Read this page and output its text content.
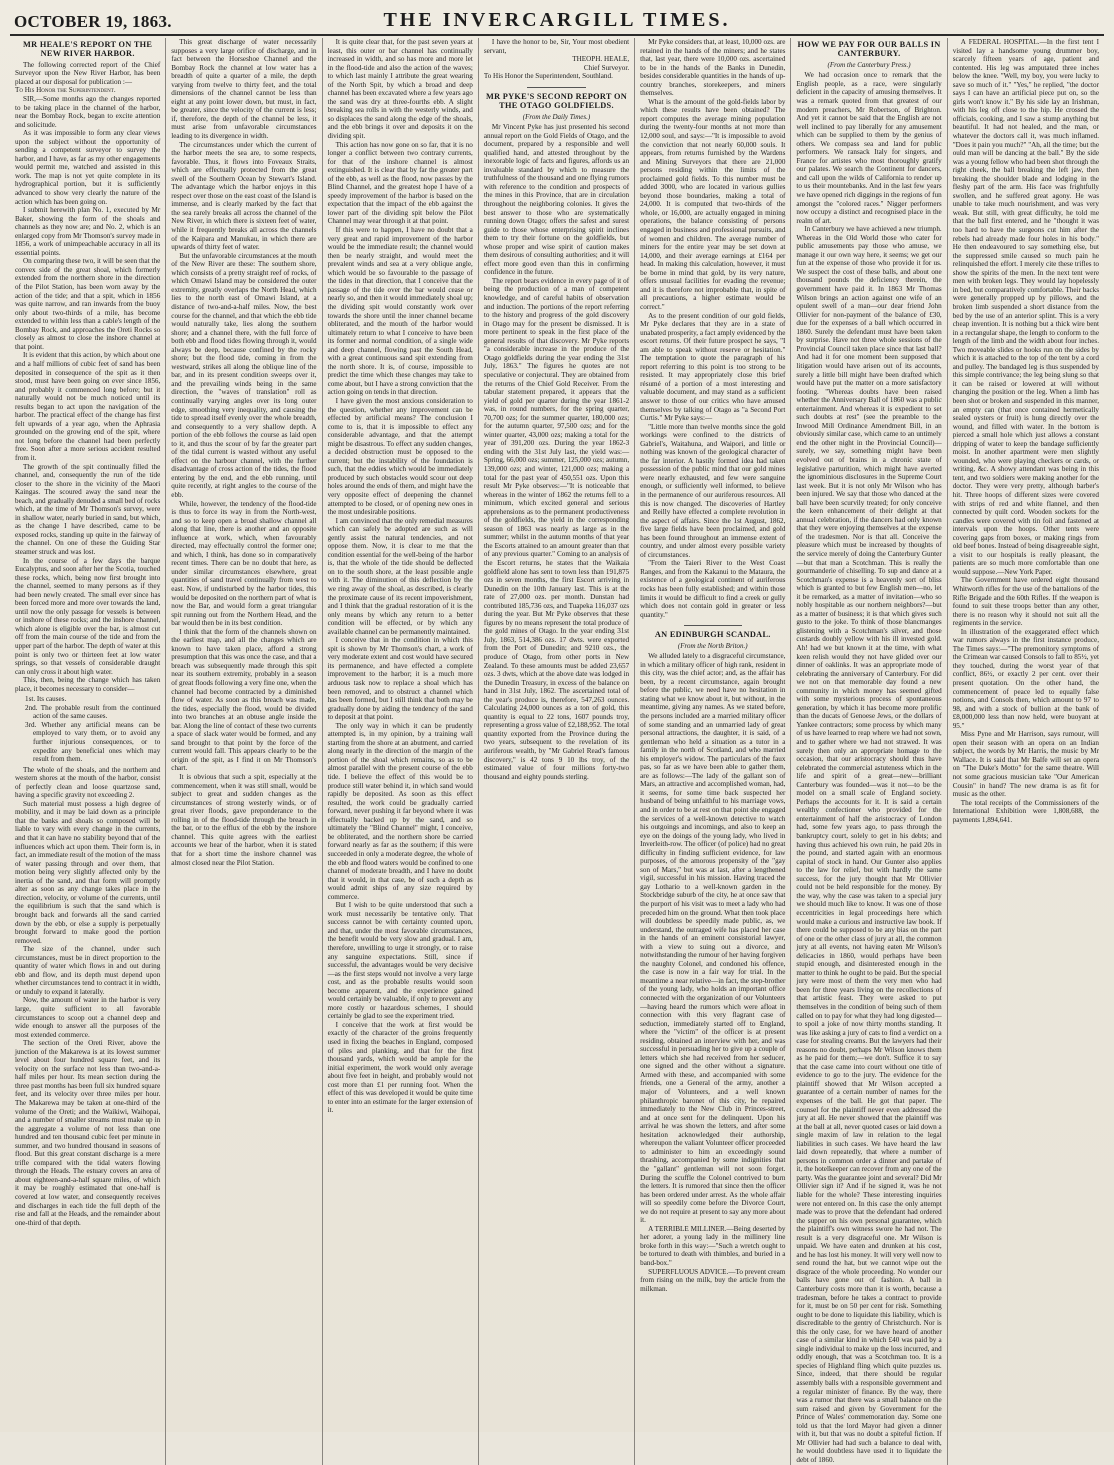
OCTOBER 19, 1863.	THE INVERCARGILL TIMES.
MR HEALE'S REPORT ON THE NEW RIVER HARBOR.

The following corrected report of the Chief Surveyor upon the New River Harbor, has been placed at our disposal for publication :—

To His Honor the Superintendent.

SIR,—Some months ago the changes reported to be taking place in the channel of the harbor, near the Bombay Rock, began to excite attention and solicitude.

As it was impossible to form any clear views upon the subject without the opportunity of sending a competent surveyor to survey the harbor, and I have, as far as my other engagements would permit me, watched and assisted in this work. The map is not yet quite complete in its hydrographical portion, but it is sufficiently advanced to show very clearly the nature of the action which has been going on.

I submit herewith plan No. 1, executed by Mr Baker, showing the form of the shoals and channels as they now are; and No. 2, which is an enlarged copy from Mr Thomson's survey made in 1856, a work of unimpeachable accuracy in all its essential points.

On comparing these two, it will be seen that the convex side of the great shoal, which formerly extended from the northern shore in the direction of the Pilot Station, has been worn away by the action of the tide; and that a spit, which in 1856 was quite narrow, and ran inwards from the buoy only about two-thirds of a mile, has become extended to within less than a cable's length of the Bombay Rock, and approaches the Oreti Rocks so closely as almost to close the inshore channel at that point.

It is evident that this action, by which about one and a half millions of cubic feet of sand has been deposited in consequence of the spit as it then stood, must have been going on ever since 1856, and probably it commenced long before; but it naturally would not be much noticed until its results began to act upon the navigation of the harbor. The practical effect of the change has first felt upwards of a year ago, when the Aphrasia grounded on the growing end of the spit, where not long before the channel had been perfectly free. Soon after a more serious accident resulted from it.

The growth of the spit continually filled the channel, and, consequently the run of the tide closer to the shore in the vicinity of the Maori Kaingas. The scoured away the sand near the beach, and gradually denuded a small bed of rocks which, at the time of Mr Thomson's survey, were in shallow water, nearly buried in sand, but which, as the change I have described, came to be exposed rocks, standing up quite in the fairway of the channel. On one of these the Guiding Star steamer struck and was lost.

In the course of a few days the barque Eucalyptus, and soon after her the Scotia, touched these rocks, which, being now first brought into the channel, seemed to many persons as if they had been newly created. The small ever since has been forced more and more over towards the land, until now the only passage for vessels is between or inshore of these rocks; and the inshore channel, which alone is eligible over the bar, is almost cut off from the main course of the tide and from the upper part of the harbor. The depth of water at this point is only two or thirteen feet at low water springs, so that vessels of considerable draught can only cross it about high water.

This, then, being the change which has taken place, it becomes necessary to consider—

1st. Its causes.
2nd. The probable result from the continued action of the same causes.
3rd. Whether any artificial means can be employed to vary them, or to avoid any further injurious consequences, or to expedite any beneficial ones which may result from them.

The whole of the shoals, and the northern and western shores at the mouth of the harbor, consist of perfectly clean and loose quartzose sand, having a specific gravity not exceeding 2.

Such material must possess a high degree of mobility, and it may be laid down as a principle that the banks and shoals so composed will be liable to vary with every change in the currents, and that it can have no stability beyond that of the influences which act upon them. Their form is, in fact, an immediate result of the motion of the mass of water passing through and over them, that motion being very slightly affected only by the inertia of the sand, and that form will promptly alter as soon as any change takes place in the direction, velocity, or volume of the currents, until the equilibrium is such that the sand which is brought back and forwards all the sand carried down by the ebb, or else a supply is perpetually brought forward to make good the portion removed.

The size of the channel, under such circumstances, must be in direct proportion to the quantity of water which flows in and out during ebb and flow, and its depth must depend upon whether circumstances tend to contract it in width, or unduly to expand it laterally.

Now, the amount of water in the harbor is very large, quite sufficient to all favorable circumstances to scoop out a channel deep and wide enough to answer all the purposes of the most extended commerce.

The section of the Oreti River, above the junction of the Makarewa is at its lowest summer level about four hundred square feet, and its velocity on the surface not less than two-and-a-half miles per hour. Its mean section during the three past months has been full six hundred square feet, and its velocity over three miles per hour. The Makarewa may be taken at one-third of the volume of the Oreti; and the Waikiwi, Waihopai, and a number of smaller streams must make up in the aggregate a volume of not less than one hundred and ten thousand cubic feet per minute in summer, and two hundred thousand in seasons of flood. But this great constant discharge is a mere trifle compared with the tidal waters flowing through the Heads. The estuary covers an area of about eighteen-and-a-half square miles, of which it may be roughly estimated that one-half is covered at low water, and consequently receives and discharges in each tide the full depth of the rise and fall at the Heads, and the remainder about one-third of that depth.

This great discharge of water necessarily supposes a very large orifice of discharge, and in fact between the Horseshoe Channel and the Bombay Rock the channel at low water has a breadth of quite a quarter of a mile, the depth varying from twelve to thirty feet, and the total dimensions of the channel cannot be less than eight at any point lower down, but must, in fact, be greater, since the velocity of the current is less; if, therefore, the depth of the channel be less, it must arise from unfavorable circumstances leading to its divergence in width.

The circumstances under which the current of the harbor meets the sea are, to some respects, favorable. Thus, it flows into Foveaux Straits, which are effectually protected from the great swell of the Southern Ocean by Stewart's Island. The advantage which the harbor enjoys in this respect over those on the east coast of the Island is immense, and is clearly marked by the fact that the sea rarely breaks all across the channel of the New River, in which there is sixteen feet of water, while it frequently breaks all across the channels of the Kaipara and Manukau, in which there are upwards of thirty feet of water.

But the unfavorable circumstances at the mouth of the New River are these: The southern shore, which consists of a pretty straight reef of rocks, of which Omawi Island may be considered the outer extremity, greatly overlaps the North Head, which lies to the north east of Omawi Island, at a distance of two-and-a-half miles. Now, the best course for the channel, and that which the ebb tide would naturally take, lies along the southern shore; and a channel there, with the full force of both ebb and flood tides flowing through it, would always be deep, because confined by the rocky shore; but the flood tide, coming in from the westward, strikes all along the oblique line of the bar, and in its present condition sweeps over it, and the prevailing winds being in the same direction, the "waves of translation" roll as continually varying angles over its long outer edge, smoothing very inequality, and causing the tide to spread itself evenly over the whole breadth, and consequently to a very shallow depth. A portion of the ebb follows the course as laid open to it, and thus the scour of by far the greater part of the tidal current is wasted without any useful effect on the harbour channel, with the further disadvantage of cross action of the tides, the flood entering by the end, and the ebb running, until quite recently, at right angles to the course of the ebb.

While, however, the tendency of the flood-tide is thus to force its way in from the North-west, and so to keep open a broad shallow channel all along that line, there is another and an opposite influence at work, which, when favourably directed, may effectually control the former one; and which, I think, has done so in comparatively recent times. There can be no doubt that here, as under similar circumstances elsewhere, great quantities of sand travel continually from west to east. Now, if undisturbed by the harbor tides, this would be deposited on the northern part of what is now the Bar, and would form a great triangular spit running out from the Northern Head, and the bar would then be in its best condition.

I think that the form of the channels shown on the earliest map, and all the changes which are known to have taken place, afford a strong presumption that this was once the case, and that a breach was subsequently made through this spit near its southern extremity, probably in a season of great floods following a very fine one, when the channel had become contracted by a diminished flow of water. As soon as this breach was made, the tides, especially the flood, would be divided into two branches at an obtuse angle inside the bar. Along the line of contact of these two currents a space of slack water would be formed, and any sand brought to that point by the force of the current would fall. This appears clearly to be the origin of the spit, as I find it on Mr Thomson's chart.

It is obvious that such a spit, especially at the commencement, when it was still small, would be subject to great and sudden changes as the circumstances of strong westerly winds, or of great river floods, gave preponderance to the rolling in of the flood-tide through the breach in the bar, or to the efflux of the ebb by the inshore channel. This quite agrees with the earliest accounts we hear of the harbor, when it is stated that for a short time the inshore channel was almost closed near the Pilot Station.

It is quite clear that, for the past seven years at least, this outer or bar channel has continually increased in width, and so has more and more let in the flood-tide and also the action of the waves; to which last mainly I attribute the great wearing of the North Spit, by which a broad and deep channel has been excavated where a few years ago the sand was dry at three-fourths ebb. A slight breaking sea rolls in with the westerly winds, and so displaces the sand along the edge of the shoals, and the ebb brings it over and deposits it on the dividing spit.

This action has now gone on so far, that it is no longer a conflict between two contrary currents, for that of the inshore channel is almost extinguished. It is clear that by far the greater part of the ebb, as well as the flood, now passes by the Blind Channel, and the greatest hope I have of a speedy improvement of the harbor is based on the expectation that the impact of the ebb against the lower part of the dividing spit below the Pilot Channel may wear through it at that point.

If this were to happen, I have no doubt that a very great and rapid improvement of the harbor would be the immediate result; the channel would then be nearly straight, and would meet the prevalent winds and sea at a very oblique angle, which would be so favourable to the passage of the tides in that direction, that I conceive that the passage of the tide over the bar would cease or nearly so, and then it would immediately shoal up; the dividing spit would constantly work over towards the shore until the inner channel became obliterated, and the mouth of the harbor would ultimately return to what I conceive to have been its former and normal condition, of a single wide and deep channel, flowing past the South Head, with a great continuous sand spit extending from the north shore. It is, of course, impossible to predict the time which these changes may take to come about, but I have a strong conviction that the action going on tends in that direction.

I have given the most anxious consideration to the question, whether any improvement can be effected by artificial means? The conclusion I come to is, that it is impossible to effect any considerable advantage, and that the attempt might be disastrous. To effect any sudden changes, a decided obstruction must be opposed to the current; but the instability of the foundation is such, that the eddies which would be immediately produced by such obstacles would scour out deep holes around the ends of them, and might have the very opposite effect of deepening the channel attempted to be closed, or of opening new ones in the most undesirable positions.

I am convinced that the only remedial measures which can safely be adopted are such as will gently assist the natural tendencies, and not oppose them. Now, it is clear to me that the condition essential for the well-being of the harbor is, that the whole of the tide should be deflected on to the south shore, at the least possible angle with it. The diminution of this deflection by the we ring away of the shoal, as described, is clearly the proximate cause of its recent impoverishment, and I think that the gradual restoration of it is the only means by which any return to a better condition will be effected, or by which any available channel can be permanently maintained.

I conceive that in the condition in which this spit is shown by Mr Thomson's chart, a work of very moderate extent and cost would have secured its permanence, and have effected a complete improvement to the harbor; it is a much more arduous task now to replace a shoal which has been removed, and to obstruct a channel which has been formed, but I still think that both may be gradually done by aiding the tendency of the sand to deposit at that point.

The only way in which it can be prudently attempted is, in my opinion, by a training wall starting from the shore at an abutment, and carried along nearly in the direction of the margin of the portion of the shoal which remains, so as to be almost parallel with the present course of the ebb tide. I believe the effect of this would be to produce still water behind it, in which sand would rapidly be deposited. As soon as this effect resulted, the work could be gradually carried forward, never pushing it far beyond where it was effectually backed up by the sand, and so ultimately the "Blind Channel" might, I conceive, be obliterated, and the northern shore be carried forward nearly as far as the southern; if this were succeeded in only a moderate degree, the whole of the ebb and flood waters would be confined to one channel of moderate breadth, and I have no doubt that it would, in that case, be of such a depth as would admit ships of any size required by commerce.

But I wish to be quite understood that such a work must necessarily be tentative only. That success cannot be with certainty counted upon, and that, under the most favorable circumstances, the benefit would be very slow and gradual. I am, therefore, unwilling to urge it strongly, or to raise any sanguine expectations. Still, since if successful, the advantages would be very decisive—as the first steps would not involve a very large cost, and as the probable results would soon become apparent, and the experience gained would certainly be valuable, if only to prevent any more costly or hazardous schemes, I should certainly be glad to see the experiment tried.

I conceive that the work at first would be exactly of the character of the groins frequently used in fixing the beaches in England, composed of piles and planking, and that for the first thousand yards, which would be ample for the initial experiment, the work would only average about five feet in height, and probably would not cost more than £1 per running foot. When the effect of this was developed it would be quite time to enter into an estimate for the larger extension of it.

I have the honor to be, Sir, Your most obedient servant,

THEOPH. HEALE,

Chief Surveyor.

To His Honor the Superintendent, Southland.

MR PYKE'S SECOND REPORT ON THE OTAGO GOLDFIELDS.
(From the Daily Times.)

Mr Vincent Pyke has just presented his second annual report on the Gold Fields of Otago, and the document, prepared by a responsible and well qualified hand, and attested throughout by the inexorable logic of facts and figures, affords us an invaluable standard by which to measure the truthfulness of the thousand and one flying rumors with reference to the condition and prospects of the mines in this Province, that are in circulation throughout the neighboring colonies. It gives the best answer to those who are systematically running down Otago; offers the safest and surest guide to those whose enterprising spirit inclines them to try their fortune on the goldfields, but whose proper and wise spirit of caution makes them desirous of consulting authorities; and it will effect more good even than this in confirming confidence in the future.

The report bears evidence in every page of it of being the production of a man of competent knowledge, and of careful habits of observation and induction. The portions of the report referring to the history and progress of the gold discovery in Otago may for the present be dismissed. It is more pertinent to speak in the first place of the general results of that discovery. Mr Pyke reports "a considerable increase in the produce of the Otago goldfields during the year ending the 31st July, 1863." The figures he quotes are not speculative or conjectural. They are obtained from the returns of the Chief Gold Receiver. From the tabular statement prepared, it appears that the yield of gold per quarter during the year 1861-2 was, in round numbers, for the spring quarter, 70,700 ozs; for the summer quarter, 180,000 ozs; for the autumn quarter, 97,500 ozs; and for the winter quarter, 43,000 ozs; making a total for the year of 391,200 ozs. During the year 1862-3 ending with the 31st July last, the yield was:—Spring, 66,000 ozs; summer, 125,000 ozs; autumn, 139,000 ozs; and winter, 121,000 ozs; making a total for the past year of 450,551 ozs. Upon this result Mr Pyke observes:—"It is noticeable that whereas in the winter of 1862 the returns fell to a minimum, which excited general and serious apprehensions as to the permanent productiveness of the goldfields, the yield in the corresponding season of 1863 was nearly as large as in the summer; whilst in the autumn months of that year the Escorts attained to an amount greater than that of any previous quarter." Coming to an analysis of the Escort returns, he states that the Waikaia goldfield alone has sent to town less than 191,875 ozs in seven months, the first Escort arriving in Dunedin on the 10th January last. This is at the rate of 27,000 ozs. per month. Dunstan had contributed 185,736 ozs, and Tuapeka 116,037 ozs during the year. But Mr Pyke observes that these figures by no means represent the total produce of the gold mines of Otago. In the year ending 31st July, 1863, 514,386 ozs. 17 dwts. were exported from the Port of Dunedin; and 9210 ozs., the produce of Otago, from other ports in New Zealand. To these amounts must be added 23,657 ozs. 3 dwts, which at the above date was lodged in the Dunedin Treasury, in excess of the balance on hand in 31st July, 1862. The ascertained total of the year's produce is, therefore, 547,263 ounces. Calculating 24,000 ounces as a ton of gold, this quantity is equal to 22 tons, 1607 pounds troy, representing a gross value of £2,188,952. The total quantity exported from the Province during the two years, subsequent to the revelation of its auriferous wealth, by "Mr Gabriel Read's famous discovery," is 42 tons 9 10 lbs troy, of the estimated value of four millions forty-two thousand and eighty pounds sterling.

Mr Pyke considers that, at least, 10,000 ozs. are retained in the hands of the miners; and he states that, last year, there were 10,000 ozs. ascertained to be in the hands of the Banks in Dunedin, besides considerable quantities in the hands of up-country branches, storekeepers, and miners themselves.

What is the amount of the gold-fields labor by which these results have been obtained? The report computes the average mining population during the twenty-four months at not more than 12,000 soul, and says:—"It is impossible to avoid the conviction that not nearly 60,000 souls. It appears, from returns furnished by the Wardens and Mining Surveyors that there are 21,000 persons residing within the limits of the proclaimed gold fields. To this number must be added 3000, who are located in various gullies beyond those boundaries, making a total of 24,000. It is computed that two-thirds of the whole, or 16,000, are actually engaged in mining operations, the balance consisting of persons engaged in business and professional pursuits, and of women and children. The average number of miners for the entire year may be set down at 14,000, and their average earnings at £164 per head. In making this calculation, however, it must be borne in mind that gold, by its very nature, offers unusual facilities for evading the revenue; and it is therefore not improbable that, in spite of all precautions, a higher estimate would be correct."

As to the present condition of our gold fields, Mr Pyke declares that they are in a state of unabated prosperity, a fact amply evidenced by the escort returns. Of their future prospect he says, "I am able to speak without reserve or hesitation." The temptation to quote the paragraph of his report referring to this point is too strong to be resisted. It may appropriately close this brief résumé of a portion of a most interesting and valuable document, and may stand as a sufficient answer to those of our critics who have amused themselves by talking of Otago as "a Second Port Curtis." Mr Pyke says:—

"Little more than twelve months since the gold workings were confined to the districts of Gabriel's, Waitahuna, and Waipori, and little or nothing was known of the geological character of the far interior. A hastily formed idea had taken possession of the public mind that our gold mines were nearly exhausted, and few were sanguine enough, or sufficiently well informed, to believe in the permanence of our auriferous resources. All this is now changed. The discoveries of Hartley and Reilly have effected a complete revolution in the aspect of affairs. Since the 1st August, 1862, five large fields have been proclaimed, and gold has been found throughout an immense extent of country, and under almost every possible variety of circumstances.

"From the Taieri River to the West Coast Ranges, and from the Kakanui to the Mataura, the existence of a geological continent of auriferous rocks has been fully established; and within those limits it would be difficult to find a creek or gully which does not contain gold in greater or less quantity."

AN EDINBURGH SCANDAL.
(From the North Briton.)

We alluded lately to a disgraceful circumstance, in which a military officer of high rank, resident in this city, was the chief actor; and, as the affair has been, by a recent circumstance, again brought before the public, we need have no hesitation in stating what we know about it, but without, in the meantime, giving any names. As we stated before, the persons included are a married military officer of some standing and an unmarried lady of great personal attractions, the daughter, it is said, of a gentleman who held a situation as a tutor in a family in the north of Scotland, and who married his employer's widow. The particulars of the faux pas, so far as we have been able to gather them, are as follows:—The lady of the gallant son of Mars, an attractive and accomplished woman, had, it seems, for some time back suspected her husband of being unfaithful to his marriage vows, and in order to be at rest on that point she engaged the services of a well-known detective to watch his outgoings and incomings, and also to keep an eye on the doings of the young lady, who lived in Inverleith-row. The officer (of police) had no great difficulty in finding sufficient evidence, for law purposes, of the amorous propensity of the "gay son of Mars," but was at last, after a lengthened vigil, successful in his mission. Having traced the gay Lothario to a well-known garden in the Stockbridge suburb of the city, he at once saw that the purport of his visit was to meet a lady who had preceded him on the ground. What then took place will doubtless be speedily made public, as, we understand, the outraged wife has placed her case in the hands of an eminent consistorial lawyer, with a view to suing out a divorce, and notwithstanding the rumour of her having forgiven the naughty Colonel, and condoned his offence, the case is now in a fair way for trial. In the meantime a near relative—in fact, the step-brother of the young lady, who holds an important office connected with the organization of our Volunteers—having heard the rumors which were afloat in connection with this very flagrant case of seduction, immediately started off to England, where the "victim" of the officer is at present residing, obtained an interview with her, and was successful in persuading her to give up a couple of letters which she had received from her seducer, one signed and the other without a signature. Armed with these, and accompanied with some friends, one a General of the army, another a major of Volunteers, and a well known philanthropic baronet of this city, he repaired immediately to the New Club in Princes-street, and at once sent for the delinquent. Upon his arrival he was shown the letters, and after some hesitation acknowledged their authorship, whereupon the valiant Volunteer officer proceeded to administer to him an exceedingly sound thrashing, accompanied by some indignities that the "gallant" gentleman will not soon forget. During the scuffle the Colonel contrived to burn the letters. It is rumored that since then the officer has been ordered under arrest. As the whole affair will so speedily come before the Divorce Court, we do not require at present to say any more about it.

A TERRIBLE MILLINER.—Being deserted by her adorer, a young lady in the millinery line broke forth in this way:—"Such a wretch ought to be tortured to death with thimbles, and buried in a band-box."

SUPERFLUOUS ADVICE.—To prevent cream from rising on the milk, buy the article from the milkman.

HOW WE PAY FOR OUR BALLS IN CANTERBURY.
(From the Canterbury Press.)

We had occasion once to remark that the English people, as a race, were singularly deficient in the capacity of amusing themselves. It was a remark quoted from that greatest of our modern preachers, Mr Robertson, of Brighton. And yet it cannot be said that the English are not well inclined to pay liberally for any amusement which can be supplied to them by the genius of others. We compass sea and land for public performers. We ransack Italy for singers, and France for artistes who most thoroughly gratify our palates. We search the Continent for dancers, and call upon the wilds of California to render up to us their mountebanks. And in the last few years we have opened rich diggings in the regions of fun amongst the "colored races." Nigger performers now occupy a distinct and recognised place in the realm of art.

In Canterbury we have achieved a new triumph. Whereas in the Old World those who cater for public amusements pay those who amuse, we manage it our own way here, it seems; we get our fun at the expense of those who provide it for us. We suspect the cost of these balls, and about one thousand pounds the deficiency therein, the government have paid it. In 1863 Mr Thomas Wilson brings an action against one wife of an opulent swell of a man—our dear friend John Ollivier for non-payment of the balance of £30, due for the expenses of a ball which occurred in 1860. Surely the defendant must have been taken by surprise. Have not three whole sessions of the Provincial Council taken place since that last ball? And had it for one moment been supposed that litigation would have arisen out of its accounts, surely a little bill might have been drafted which would have put the matter on a more satisfactory footing. "Whereas doubts have been raised whether the Anniversary Ball of 1860 was a public entertainment. And whereas it is expedient to set such doubts at rest" (see the preamble to the Inwood Mill Ordinance Amendment Bill, in an obviously similar case, which came to an untimely end the other night in the Provincial Council)—surely, we say, something might have been evolved out of brains in a chronic state of legislative parturition, which might have averted the ignominious disclosures in the Supreme Court last week. But it is not only Mr Wilson who has been injured. We say that those who danced at the ball have been scurvily treated; for only conceive the keen enhancement of their delight at that annual celebration, if the dancers had only known that they were enjoying themselves at the expense of the tradesmen. Nor is that all. Conceive the pleasure which must be increased by thoughts of the service merely of doing the Canterbury Gunter—but that man a Scotchman. This is really the gourmanderie of chiselling. To sup and dance at a Scotchman's expense is a heavenly sort of bliss which is granted to but few English men—no, let it be remarked, as a matter of invitation—who so nobly hospitable as our northern neighbors?—but as a matter of business; it is that which gives such gusto to the joke. To think of those blancmanges glistening with a Scotchman's silver, and those custards doubly yellow with his ill invested gold. Ah! had we but known it at the time, with what keen relish would they not have glided over our dinner of oaklinks. It was an appropriate mode of celebrating the anniversary of Canterbury. For did we not on that memorable day found a new community in which money has seemed gifted with some mysterious process of spontaneous generation, by which it has become more prolific than the ducats of Genoese Jews, or the dollars of Yankee contractors; some process by which many of us have learned to reap where we had not sown, and to gather where we had not strawed. It was surely then only an appropriate homage to the occasion, that our aristocracy should thus have celebrated the commercial astuteness which in the life and spirit of a great—new—brilliant Canterbury was founded—was it not—to be the model on a small scale of England society. Perhaps the accounts for it. It is said a certain wealthy confectioner who provided for the entertainment of half the aristocracy of London had, some few years ago, to pass through the bankruptcy court, solely to get in his debts; and having thus achieved his own ruin, he paid 20s in the pound, and started again with an enormous capital of stock in hand. Our Gunter also applies to the law for relief, but with hardly the same success, for the jury thought that Mr Ollivier could not be held responsible for the money. By the way, why the case was taken to a special jury we should much like to know. It was one of those eccentricities in legal proceedings here which would make a curious and instructive law book. If there could be supposed to be any bias on the part of one or the other class of jury at all, the common jury at all events, not having eaten Mr Wilson's delicacies in 1860, would perhaps have been stupid enough, and disinterested enough in the matter to think he ought to be paid. But the special jury were most of them the very men who had been for three years living on the recollections of that artistic feast. They were asked to put themselves in the condition of being such of them called on to pay for what they had long digested—to spoil a joke of now thirty months standing. It was like asking a jury of cats to find a verdict on a case for stealing creams. But the lawyers had their reasons no doubt, perhaps Mr Wilson knows them as he paid for them;—we don't. Suffice it to say that the case came into court without one title of evidence to go to the jury. The evidence for the plaintiff showed that Mr Wilson accepted a guarantee of a certain number of names for the expenses of the ball. He got that paper. The counsel for the plaintiff never even addressed the jury at all. He never showed that the plaintiff was at the ball at all, never quoted cases or laid down a single maxim of law in relation to the legal liabilities in such cases. We have heard the law laid down repeatedly, that where a number of persons in common order a dinner and partake of it, the hotelkeeper can recover from any one of the party. Was the guarantee joint and several? Did Mr Ollivier sign it? And if he signed it, was he not liable for the whole? These interesting inquiries were not entered on. In this case the only attempt made was to prove that the defendant had ordered the supper on his own personal guarantee, which the plaintiff's own witness swore he had not. The result is a very disgraceful one. Mr Wilson is unpaid. We have eaten and drunken at his cost, and he has lost his money. It will very well now to send round the hat, but we cannot wipe out the disgrace of the whole proceeding. No wonder our balls have gone out of fashion. A ball in Canterbury costs more than it is worth, because a tradesman, before he takes a contract to provide for it, must be on 50 per cent for risk. Something ought to be done to liquidate this liability, which is discreditable to the gentry of Christchurch. Nor is this the only case, for we have heard of another case of a similar kind in which £40 was paid by a single individual to make up the loss incurred, and oddly enough, that was a Scotchman too. It is a species of Highland fling which quite puzzles us. Since, indeed, that there should be regular assembly balls with a responsible government and a regular minister of finance. By the way, there was a rumor that there was a small balance on the sum raised and given by Government for the Prince of Wales' commemoration day. Some one told us that the lord Mayor had given a dinner with it, but that was no doubt a spiteful fiction. If Mr Ollivier had had such a balance to deal with, he would doubtless have used it to liquidate the debt of 1860.

A FEDERAL HOSPITAL.—In the first tent I visited lay a handsome young drummer boy, scarcely fifteen years of age, patient and contented. His leg was amputated three inches below the knee. "Well, my boy, you were lucky to save so much of it." "Yes," he replied, "the doctor says I can have an artificial piece put on, so the girls won't know it." By his side lay an Irishman, with his leg off close to the hip. He crossed the officials, cooking, and I saw a stump anything but beautiful. It had not healed, and the man, or whatever the doctors call it, was much inflamed. "Does it pain you much?" "Ah, all the time; but the ould man will be dancing at the ball." By the side was a young fellow who had been shot through the right cheek, the ball breaking the left jaw, then breaking the shoulder blade and lodging in the fleshy part of the arm. His face was frightfully swollen, and he suffered great agony. He was unable to take much nourishment, and was very weak. But still, with great difficulty, he told me that the ball first entered, and he "thought it was too hard to have the surgeons cut him after the rebels had already made four holes in his body." He then endeavoured to say something else, but the suppressed smile caused so much pain he relinquished the effort. I merely cite these trifles to show the spirits of the men. In the next tent were men with broken legs. They would lay hopelessly in bed, but comparatively comfortable. Their backs were generally propped up by pillows, and the broken limb suspended a short distance from the bed by the use of an anterior splint. This is a very cheap invention. It is nothing but a thick wire bent in a rectangular shape, the length to conform to the length of the limb and the width about four inches. Two moveable slides or hooks run on the sides by which it is attached to the top of the tent by a cord and pulley. The bandaged leg is thus suspended by this simple contrivance; the leg being slung so that it can be raised or lowered at will without changing the position or the leg. When a limb has been shot or broken and suspended in this manner, an empty can (that once contained hermetically sealed oysters or fruit) is hung directly over the wound, and filled with water. In the bottom is pierced a small hole which just allows a constant dripping of water to keep the bandage sufficiently moist. In another apartment were men slightly wounded, who were playing checkers or cards, or writing, &c. A showy attendant was being in this tent, and two soldiers were making another for the doctor. They were very pretty, although barber's hit. Three hoops of different sizes were covered with strips of red and white flannel, and then connected by quilt cord. Wooden sockets for the candles were covered with tin foil and fastened at intervals upon the hoops. Other tents were covering gaps from boxes, or making rings from old beef bones. Instead of being disagreeable sight, a visit to our hospitals is really pleasant, the patients are so much more comfortable than one would suppose.—New York Paper.

The Government have ordered eight thousand Whitworth rifles for the use of the battalions of the Rifle Brigade and the 60th Rifles. If the weapon is found to suit these troops better than any other, there is no reason why it should not suit all the regiments in the service.

In illustration of the exaggerated effect which war rumors always in the first instance produce, The Times says:—"The premonitory symptoms of the Crimean war caused Consols to fall to 85½, yet they touched, during the worst year of that conflict, 86½, or exactly 2 per cent. over their present quotation. On the other hand, the commencement of peace led to equally false notions, and Consols then, which amount to 97 to 98, and with a stock of bullion at the bank of £8,000,000 less than now held, were buoyant at 95."

Miss Pyne and Mr Harrison, says rumour, will open their season with an opera on an Indian subject, the words by Mr Harris, the music by Mr Wallace. It is said that Mr Balfe will set an opera on "The Duke's Motto" for the same theatre. Will not some gracious musician take "Our American Cousin" in hand? The new drama is as fit for music as the other.

The total receipts of the Commissioners of the International Exhibition were 1,808,688, the payments 1,894,641.
